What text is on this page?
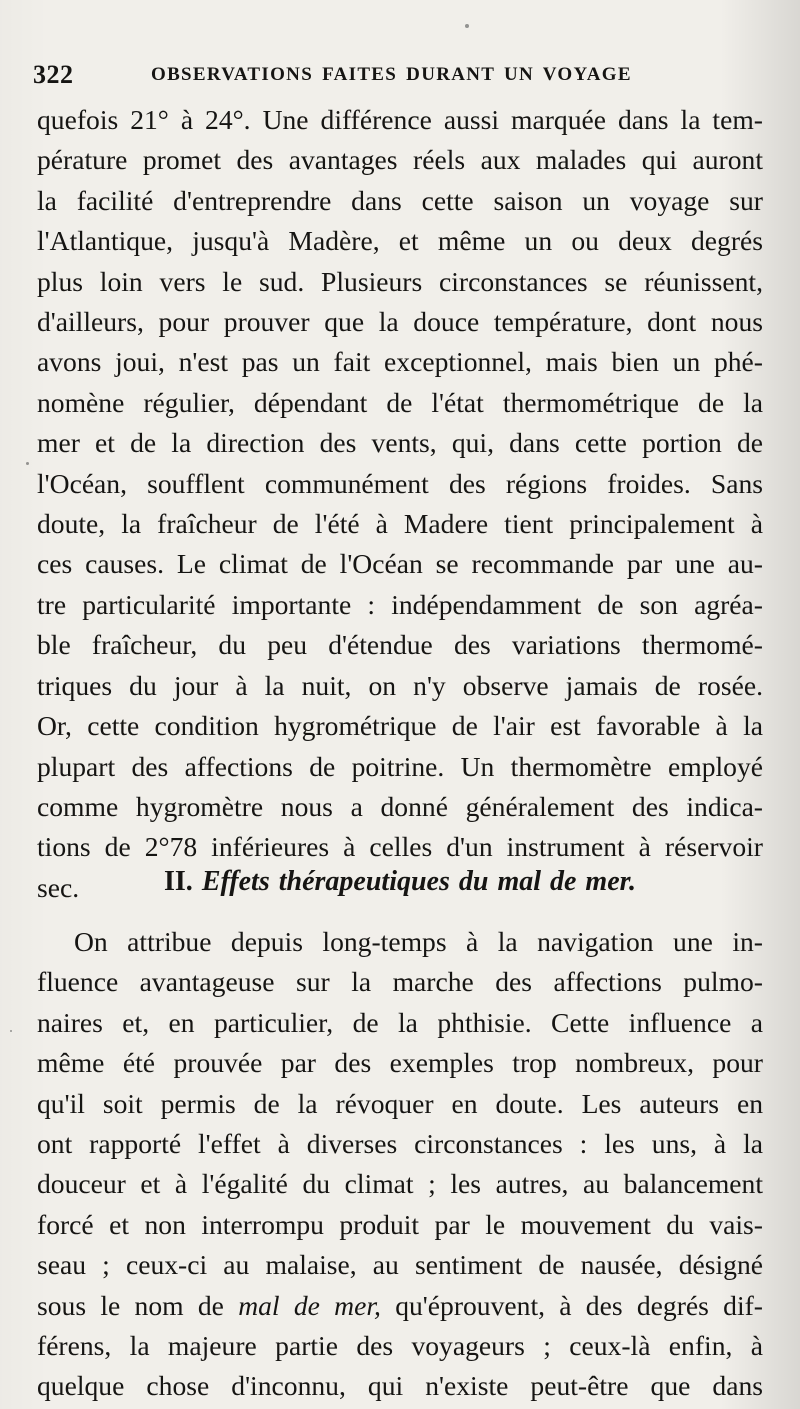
322	OBSERVATIONS FAITES DURANT UN VOYAGE
quefois 21° à 24°. Une différence aussi marquée dans la tem-
pérature promet des avantages réels aux malades qui auront
la facilité d'entreprendre dans cette saison un voyage sur
l'Atlantique, jusqu'à Madère, et même un ou deux degrés
plus loin vers le sud. Plusieurs circonstances se réunissent,
d'ailleurs, pour prouver que la douce température, dont nous
avons joui, n'est pas un fait exceptionnel, mais bien un phé-
nomène régulier, dépendant de l'état thermométrique de la
mer et de la direction des vents, qui, dans cette portion de
l'Océan, soufflent communément des régions froides. Sans
doute, la fraîcheur de l'été à Madere tient principalement à
ces causes. Le climat de l'Océan se recommande par une au-
tre particularité importante : indépendamment de son agréa-
ble fraîcheur, du peu d'étendue des variations thermomé-
triques du jour à la nuit, on n'y observe jamais de rosée.
Or, cette condition hygrométrique de l'air est favorable à la
plupart des affections de poitrine. Un thermomètre employé
comme hygromètre nous a donné généralement des indica-
tions de 2°78 inférieures à celles d'un instrument à réservoir
sec.	II. Effets thérapeutiques du mal de mer.
On attribue depuis long-temps à la navigation une in-
fluence avantageuse sur la marche des affections pulmo-
naires et, en particulier, de la phthisie. Cette influence a
même été prouvée par des exemples trop nombreux, pour
qu'il soit permis de la révoquer en doute. Les auteurs en
ont rapporté l'effet à diverses circonstances : les uns, à la
douceur et à l'égalité du climat ; les autres, au balancement
forcé et non interrompu produit par le mouvement du vais-
seau ; ceux-ci au malaise, au sentiment de nausée, désigné
sous le nom de mal de mer, qu'éprouvent, à des degrés dif-
férens, la majeure partie des voyageurs ; ceux-là enfin, à
quelque chose d'inconnu, qui n'existe peut-être que dans
